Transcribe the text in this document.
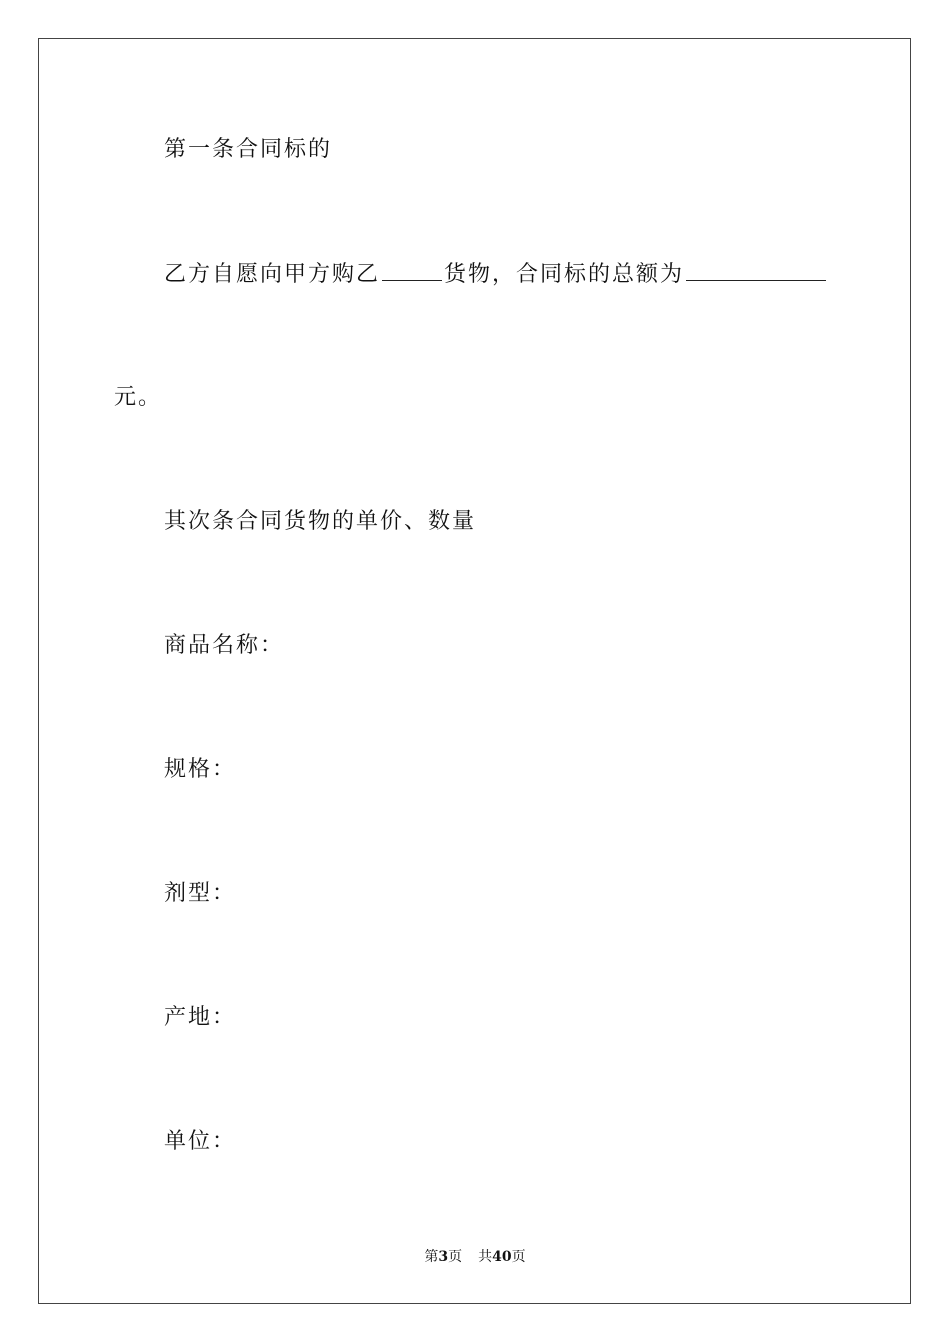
第一条合同标的

乙方自愿向甲方购乙	货物，合同标的总额为

元。

其次条合同货物的单价、数量

商品名称：

规格：

剂型：

产地：

单位：

第3页 共40页
